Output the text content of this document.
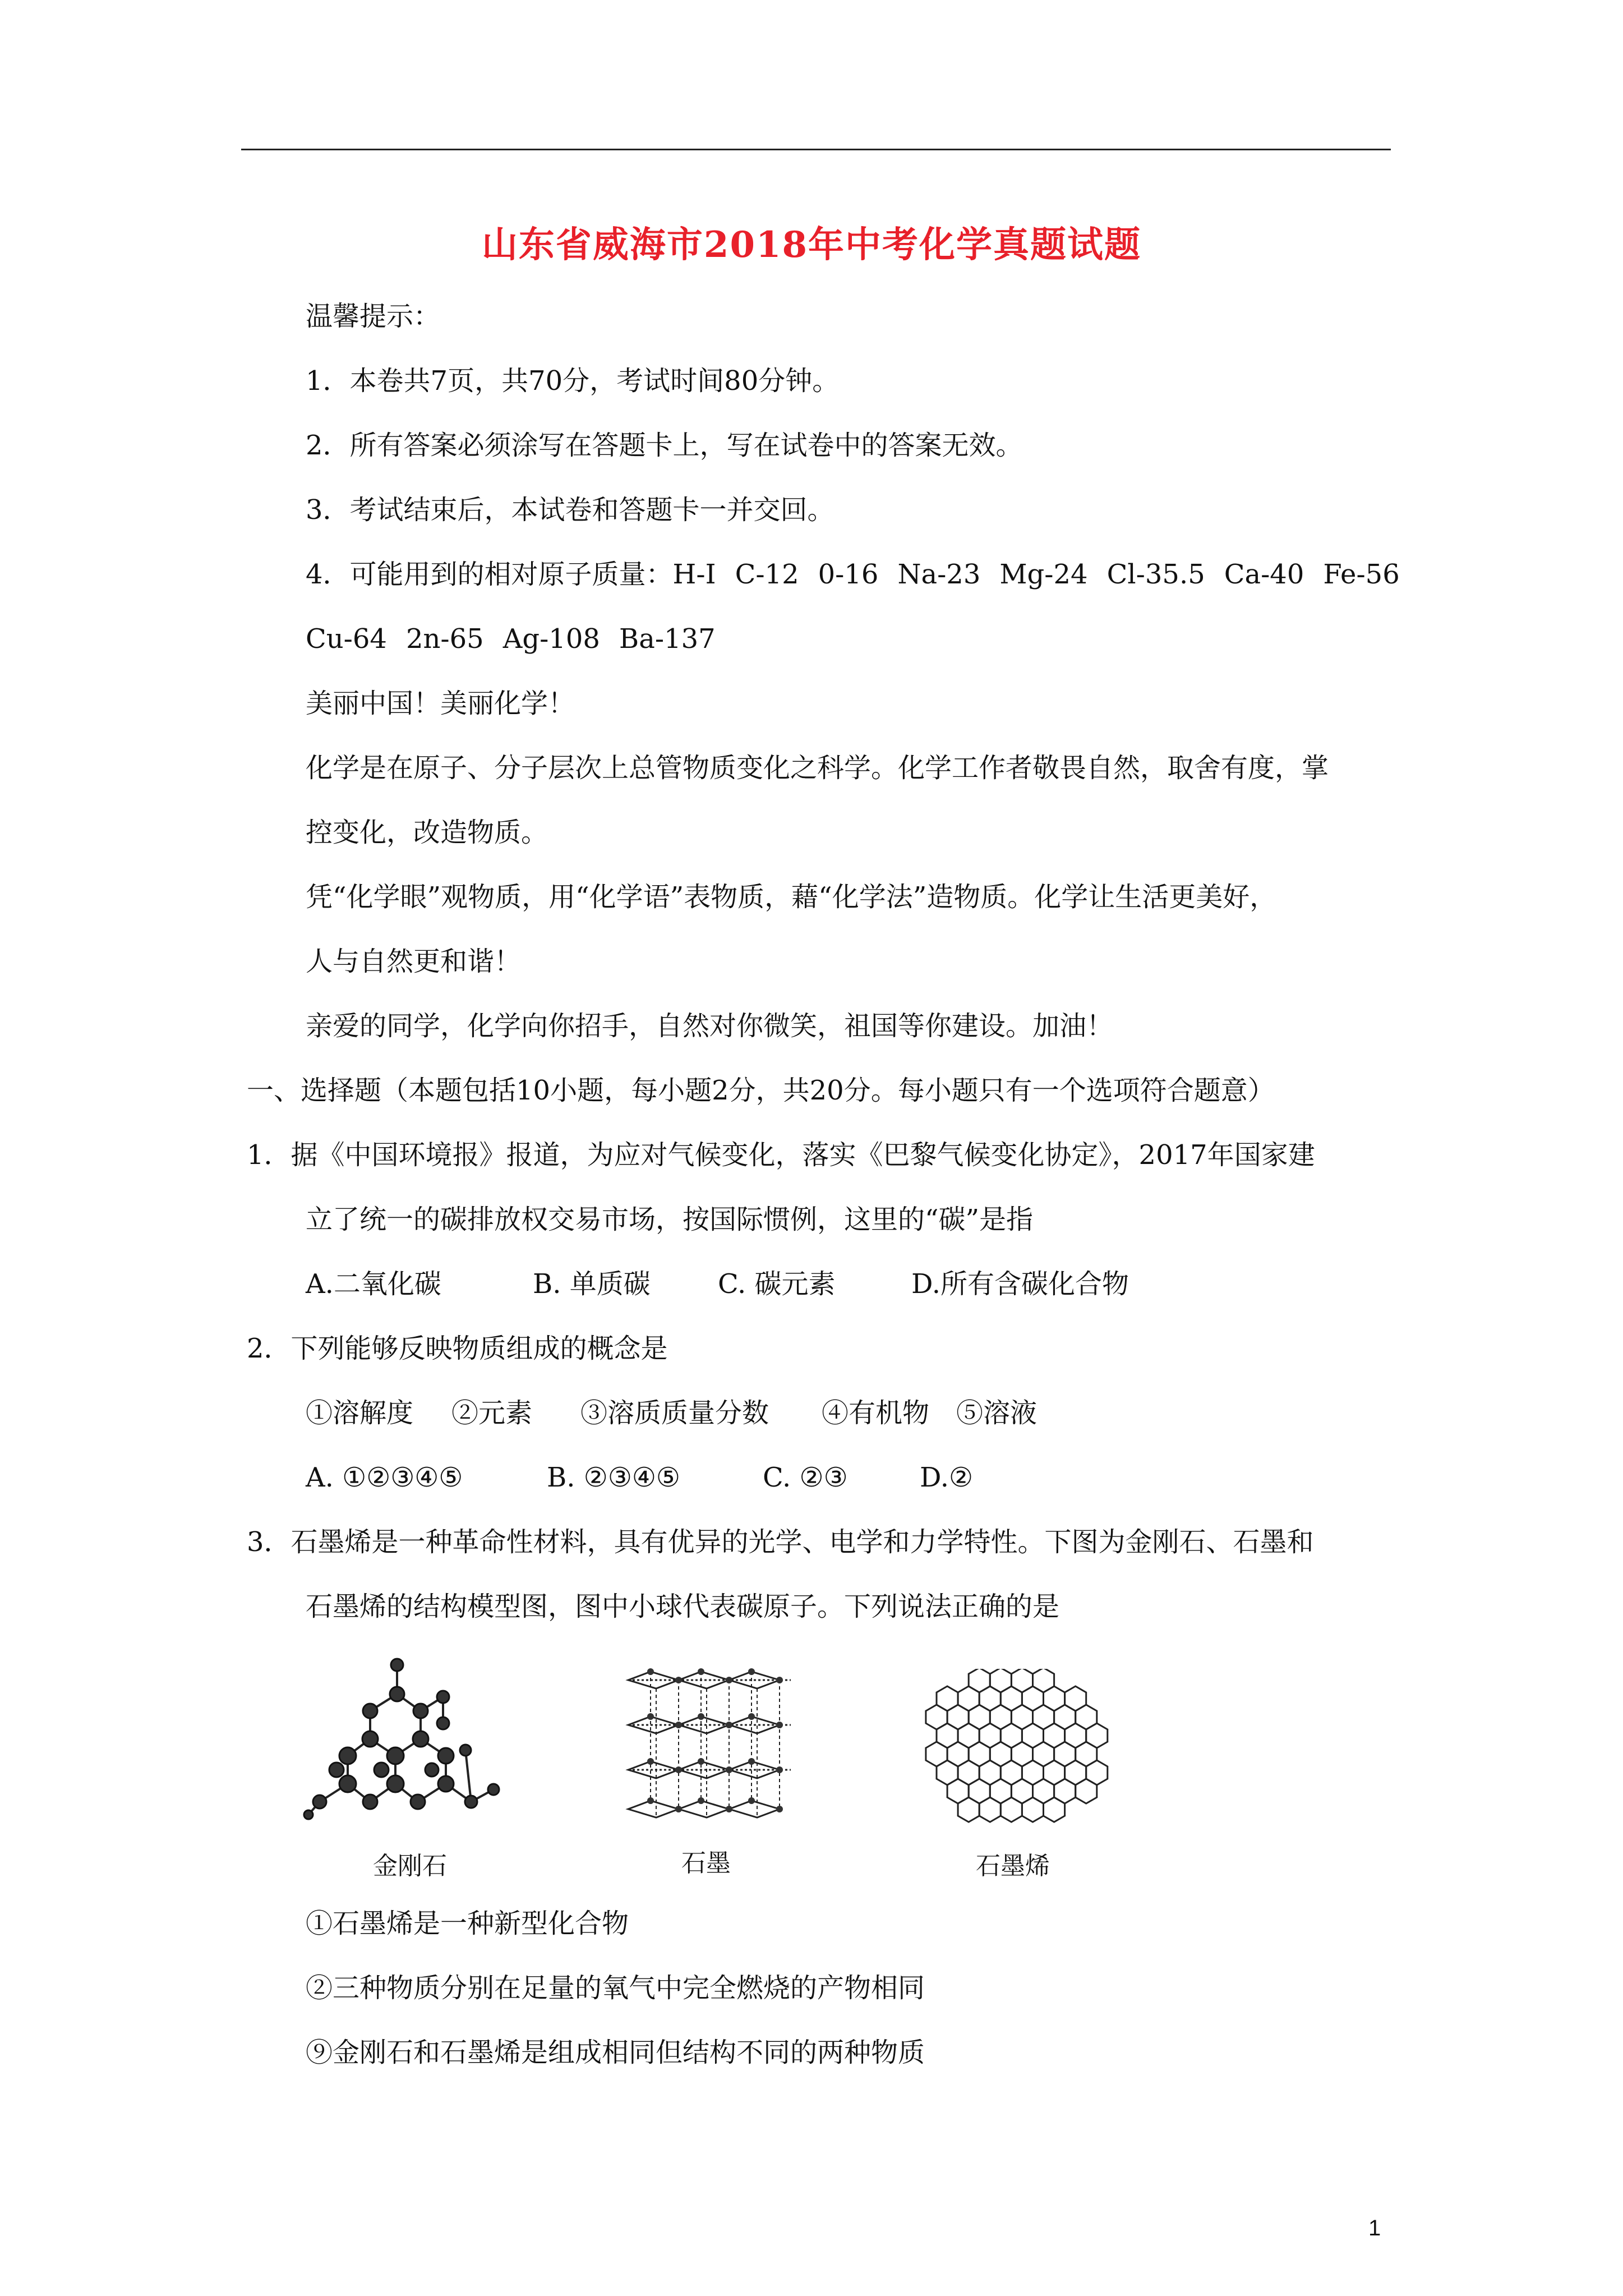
山东省威海市2018年中考化学真题试题
温馨提示：
1．本卷共7页，共70分，考试时间80分钟。
2．所有答案必须涂写在答题卡上，写在试卷中的答案无效。
3．考试结束后，本试卷和答题卡一并交回。
4．可能用到的相对原子质量：H-I C-12 0-16 Na-23 Mg-24 Cl-35.5 Ca-40 Fe-56
Cu-64 2n-65 Ag-108 Ba-137
美丽中国！美丽化学！
化学是在原子、分子层次上总管物质变化之科学。化学工作者敬畏自然，取舍有度，掌
控变化，改造物质。
凭“化学眼”观物质，用“化学语”表物质，藉“化学法”造物质。化学让生活更美好，
人与自然更和谐！
亲爱的同学，化学向你招手，自然对你微笑，祖国等你建设。加油！
一、选择题（本题包括10小题，每小题2分，共20分。每小题只有一个选项符合题意）
1．据《中国环境报》报道，为应对气候变化，落实《巴黎气候变化协定》，2017年国家建
立了统一的碳排放权交易市场，按国际惯例，这里的“碳”是指
A.二氧化碳	B. 单质碳	C. 碳元素	D.所有含碳化合物
2．下列能够反映物质组成的概念是
①溶解度 ②元素 ③溶质质量分数 ④有机物 ⑤溶液
A. ①②③④⑤	B. ②③④⑤	C. ②③	D.②
3．石墨烯是一种革命性材料，具有优异的光学、电学和力学特性。下图为金刚石、石墨和
石墨烯的结构模型图，图中小球代表碳原子。下列说法正确的是
金刚石	石墨	石墨烯
①石墨烯是一种新型化合物
②三种物质分别在足量的氧气中完全燃烧的产物相同
⑨金刚石和石墨烯是组成相同但结构不同的两种物质
1
